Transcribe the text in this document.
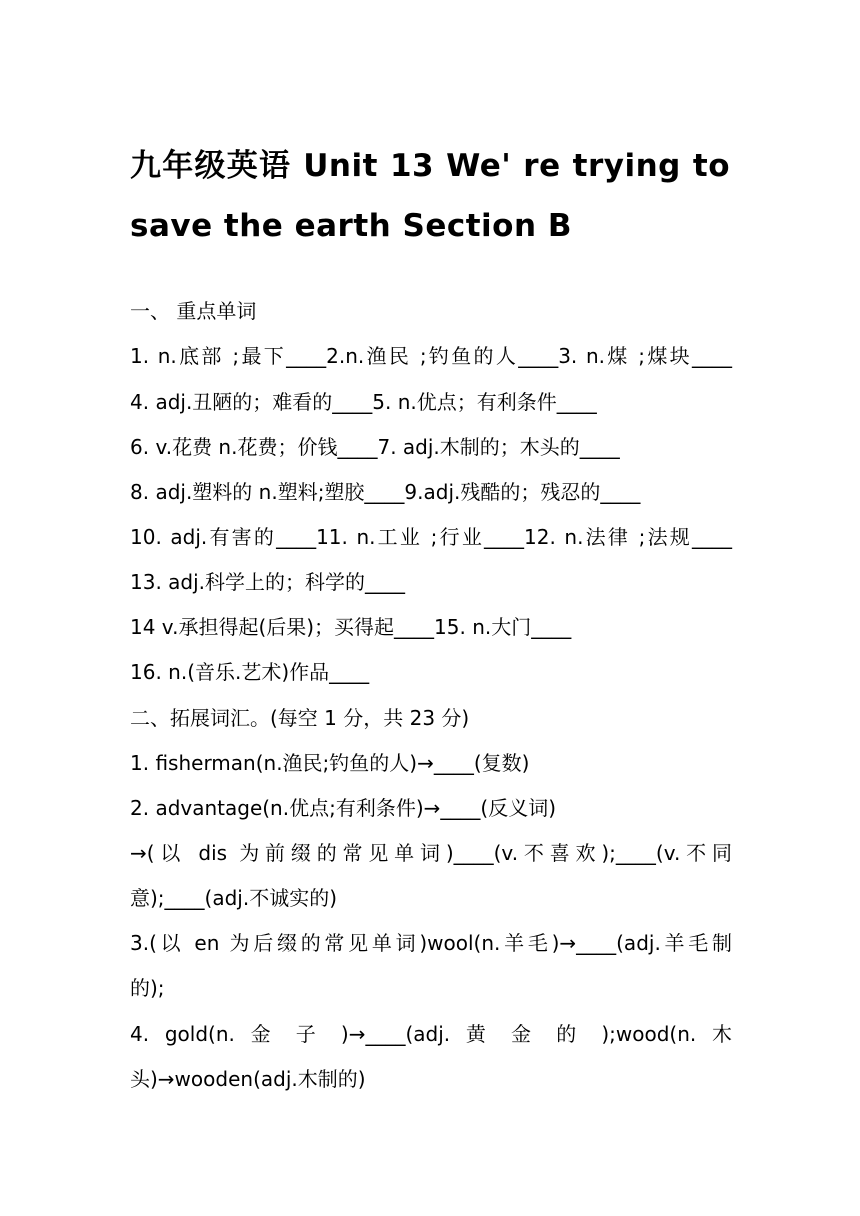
九年级英语 Unit 13 We' re trying to
save the earth Section B
一、 重点单词
1. n.底部 ;最下____2.n.渔民 ;钓鱼的人____3. n.煤 ;煤块____
4. adj.丑陋的；难看的____5. n.优点；有利条件____
6. v.花费 n.花费；价钱____7. adj.木制的；木头的____
8. adj.塑料的 n.塑料;塑胶____9.adj.残酷的；残忍的____
10. adj.有害的____11. n.工业 ;行业____12. n.法律 ;法规____
13. adj.科学上的；科学的____
14 v.承担得起(后果)；买得起____15. n.大门____
16. n.(音乐.艺术)作品____
二、拓展词汇。(每空 1 分，共 23 分)
1. fisherman(n.渔民;钓鱼的人)→____(复数)
2. advantage(n.优点;有利条件)→____(反义词)
→(以 dis 为前缀的常见单词)____(v.不喜欢);____(v.不同
意);____(adj.不诚实的)
3.(以 en 为后缀的常见单词)wool(n.羊毛)→____(adj.羊毛制
的);
4. gold(n. 金 子 )→____(adj. 黄 金 的 );wood(n. 木
头)→wooden(adj.木制的)
